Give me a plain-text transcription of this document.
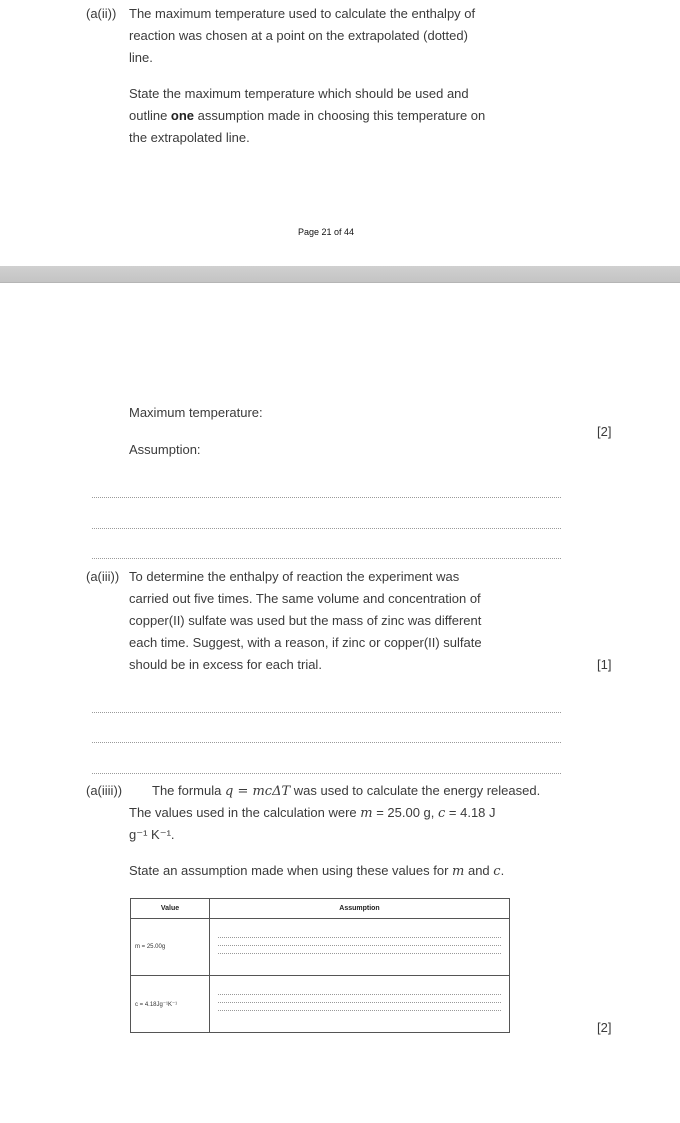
(a(ii)) The maximum temperature used to calculate the enthalpy of
reaction was chosen at a point on the extrapolated (dotted)
line.
State the maximum temperature which should be used and
outline one assumption made in choosing this temperature on
the extrapolated line.
Page 21 of 44
Maximum temperature:
[2]
Assumption:
(a(iii)) To determine the enthalpy of reaction the experiment was
carried out five times. The same volume and concentration of
copper(II) sulfate was used but the mass of zinc was different
each time. Suggest, with a reason, if zinc or copper(II) sulfate
should be in excess for each trial.	[1]
(a(iiii)) The formula q = mcΔT was used to calculate the energy released.
The values used in the calculation were m = 25.00 g, c = 4.18 J
g⁻¹ K⁻¹.
State an assumption made when using these values for m and c.
Value	Assumption
m = 25.00g	

c = 4.18Jg⁻¹K⁻¹	
[2]
